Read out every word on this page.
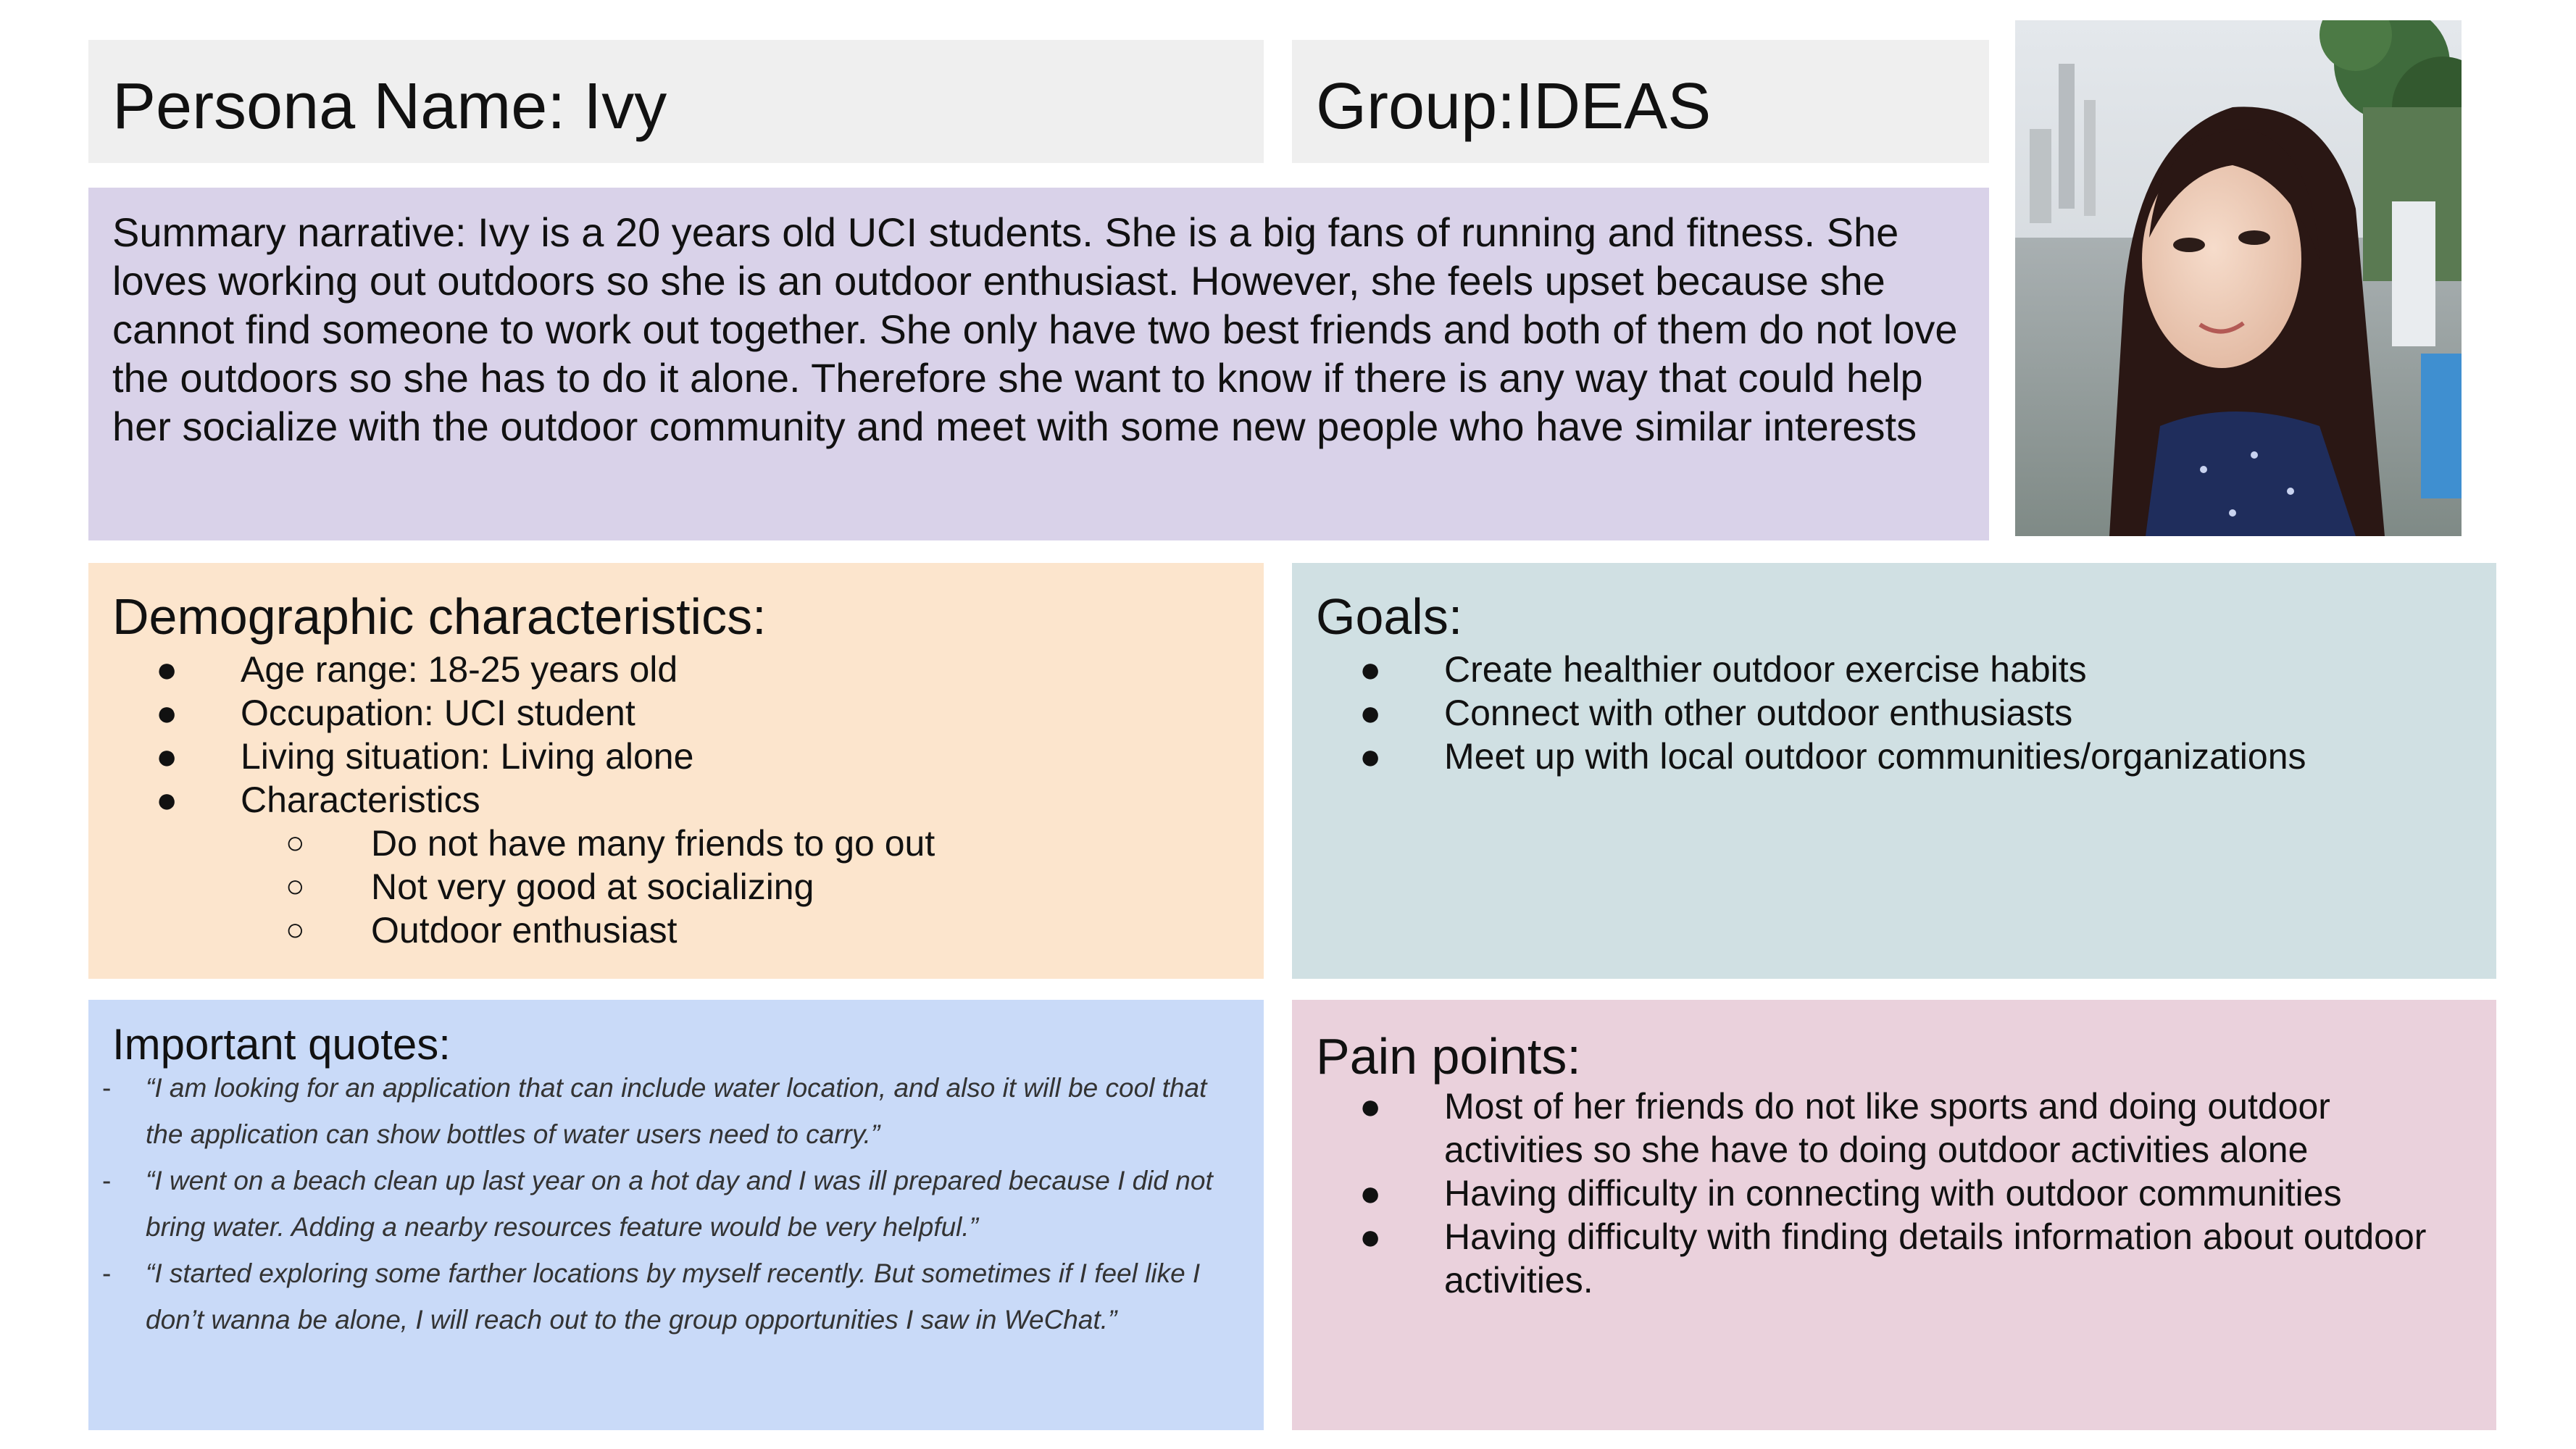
Persona Name: Ivy	Group:IDEAS

Summary narrative: Ivy is a 20 years old UCI students. She is a big fans of running and fitness. She loves working out outdoors so she is an outdoor enthusiast. However, she feels upset because she cannot find someone to work out together. She only have two best friends and both of them do not love the outdoors so she has to do it alone. Therefore she want to know if there is any way that could help her socialize with the outdoor community and meet with some new people who have similar interests

Demographic characteristics:
● Age range: 18-25 years old
● Occupation: UCI student
● Living situation: Living alone
● Characteristics
○ Do not have many friends to go out
○ Not very good at socializing
○ Outdoor enthusiast
Goals:
● Create healthier outdoor exercise habits
● Connect with other outdoor enthusiasts
● Meet up with local outdoor communities/organizations
Important quotes:
- “I am looking for an application that can include water location, and also it will be cool that the application can show bottles of water users need to carry.”
- “I went on a beach clean up last year on a hot day and I was ill prepared because I did not bring water. Adding a nearby resources feature would be very helpful.”
- “I started exploring some farther locations by myself recently. But sometimes if I feel like I don’t wanna be alone, I will reach out to the group opportunities I saw in WeChat.”
Pain points:
● Most of her friends do not like sports and doing outdoor activities so she have to doing outdoor activities alone
● Having difficulty in connecting with outdoor communities
● Having difficulty with finding details information about outdoor activities.
